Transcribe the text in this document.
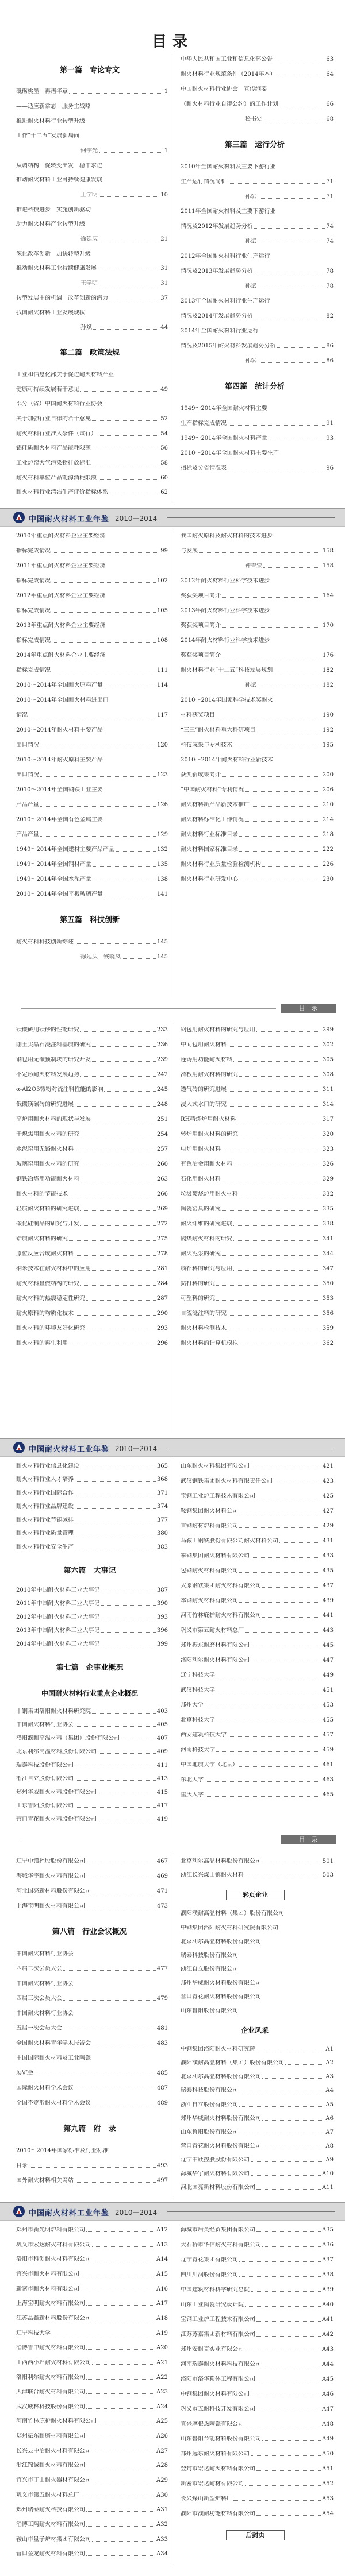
目录
中国耐火材料工业年鉴 2010－2014
中国耐火材料工业年鉴 2010－2014
中国耐火材料工业年鉴 2010－2014
目　录
目　录
第一篇　专论专文
砥砺桃墨　再谱华章	1
——适应新常态　服务主战略
推进耐火材料行业转型升级
工作“十二五”发展新局面
何学光	1
从调结构　促转变出发　稳中求进
推动耐火材料工业可持续健康发展
王学明	10
推进科技进步　实施创新驱动
助力耐火材料产业转型升级
徐延庆	21
深化改革创新　加快转型升级
推动耐火材料工业持续健康发展	31
王学明	31
转型发展中的机遇　改革创新的潜力	37
我国耐火材料工业发展现状
孙斌	44
第二篇　政策法规
工业和信息化部关于促进耐火材料产业
健康可持续发展若干意见	49
部分（省）中国耐火材料行业协会
关于加强行业自律的若干意见	52
耐火材料行业准入条件（试行）	54
铝硅质耐火材料产品能耗限额	56
工业炉窑大气污染物排放标准	58
耐火材料单位产品能源消耗限额	60
耐火材料行业清洁生产评价指标体系	62
中华人民共和国工业和信息化部公告	63
耐火材料行业规范条件（2014年本）	64
中国耐火材料行业协会　宣传纲要
（耐火材料行业自律公约）的工作计划	66
秘书处	68
第三篇　运行分析
2010年全国耐火材料及主要下游行业
生产运行情况简析	71
孙斌	71
2011年全国耐火材料及主要下游行业
情况及2012年发展趋势分析	74
孙斌	74
2012年全国耐火材料行业生产运行
情况及2013年发展趋势分析	78
孙斌	78
2013年全国耐火材料行业生产运行
情况及2014年发展趋势分析	82
2014年全国耐火材料行业运行
情况及2015年耐火材料发展趋势分析	86
孙斌	86
第四篇　统计分析
1949～2014年全国耐火材料主要
生产指标完成情况	91
1949～2014年全国耐火材料产量	93
2010～2014年全国耐火材料主要生产
指标及分省情况表	96
2010年重点耐火材料企业主要经济
指标完成情况	99
2011年重点耐火材料企业主要经济
指标完成情况	102
2012年重点耐火材料企业主要经济
指标完成情况	105
2013年重点耐火材料企业主要经济
指标完成情况	108
2014年重点耐火材料企业主要经济
指标完成情况	111
2010～2014年全国耐火原料产量	114
2010～2014年全国耐火材料进出口
情况	117
2010～2014年耐火材料主要产品
出口情况	120
2010～2014年耐火原料主要产品
出口情况	123
2010～2014年全国钢铁工业主要
产品产量	126
2010～2014年全国有色金属主要
产品产量	129
1949～2014年全国建材主要产品产量	132
1949～2014年全国钢材产量	135
1949～2014年全国水泥产量	138
2010～2014年全国平板玻璃产量	141
第五篇　科技创新
耐火材料科技创新综述	145
徐延庆　钱晓凤	145
我国耐火原料及耐火材料的技术进步
与发展	158
钟香崇	158
2012年耐火材料行业科学技术进步
奖获奖项目简介	164
2013年耐火材料行业科学技术进步
奖获奖项目简介	170
2014年耐火材料行业科学技术进步
奖获奖项目简介	176
耐火材料行业“十二五”科技发展规划	182
孙斌	182
2010～2014年国家科学技术奖耐火
材料获奖项目	190
“三三”耐火材料重大科研项目	192
科技成果与专利技术	195
2010～2014年耐火材料行业新技术
获奖新成果简介	200
“中国耐火材料”专利情况	206
耐火材料新产品新技术推广	210
耐火材料标准化工作情况	214
耐火材料行业标准目录	218
耐火材料国家标准目录	222
耐火材料行业质量检验检测机构	226
耐火材料行业研发中心	230
镁碳砖用镁砂的性能研究	233
刚玉尖晶石浇注料基质的研究	236
钢包用无碳预制块的研究开发	239
不定形耐火材料发展趋势	242
α-Al2O3微粉对浇注料性能的影响	245
低碳镁碳砖的研究进展	248
高炉用耐火材料的现状与发展	251
干熄焦用耐火材料的研究	254
水泥窑用无铬耐火材料	257
玻璃窑用耐火材料的研究	260
钢铁冶炼用功能耐火材料	263
耐火材料的节能技术	266
轻质耐火材料的研究进展	269
碳化硅制品的研究与开发	272
锆质耐火材料的研究	275
原位反应合成耐火材料	278
纳米技术在耐火材料中的应用	281
耐火材料显微结构的研究	284
耐火材料的热震稳定性研究	287
耐火原料的均质化技术	290
耐火材料的环境友好化研究	293
耐火材料的再生利用	296
钢包用耐火材料的研究与应用	299
中间包用耐火材料	302
连铸用功能耐火材料	305
滑板用耐火材料的研究	308
透气砖的研究进展	311
浸入式水口的研究	314
RH精炼炉用耐火材料	317
转炉用耐火材料的研究	320
电炉用耐火材料	323
有色冶金用耐火材料	326
石化用耐火材料	329
垃圾焚烧炉用耐火材料	332
陶瓷窑具的研究	335
耐火纤维的研究进展	338
隔热耐火材料的研究	341
耐火泥浆的研究	344
喷补料的研究与应用	347
捣打料的研究	350
可塑料的研究	353
自流浇注料的研究	356
耐火材料检测技术	359
耐火材料的计算机模拟	362
耐火材料行业信息化建设	365
耐火材料行业人才培养	368
耐火材料行业国际合作	371
耐火材料行业品牌建设	374
耐火材料行业节能减排	377
耐火材料行业质量管理	380
耐火材料行业安全生产	383
第六篇　大事记
2010年中国耐火材料工业大事记	387
2011年中国耐火材料工业大事记	390
2012年中国耐火材料工业大事记	393
2013年中国耐火材料工业大事记	396
2014年中国耐火材料工业大事记	399
第七篇　企事业概况
中国耐火材料行业重点企业概况
中钢集团洛阳耐火材料研究院	403
中国耐火材料行业协会	405
濮阳濮耐高温材料（集团）股份有限公司	407
北京利尔高温材料股份有限公司	409
瑞泰科技股份有限公司	411
浙江自立股份有限公司	413
郑州华威耐火材料股份有限公司	415
山东鲁阳股份有限公司	417
营口青花耐火材料股份有限公司	419
山东耐火材料集团有限公司	421
武汉钢铁集团耐火材料有限责任公司	423
宝钢工业炉工程技术有限公司	425
鞍钢集团耐火材料公司	427
首钢耐材炉料有限公司	429
马鞍山钢铁股份有限公司耐火材料公司	431
攀钢集团耐火材料有限公司	433
包钢耐火材料有限公司	435
太原钢铁集团耐火材料有限公司	437
本钢耐火材料有限公司	439
河南竹林庇护耐火材料有限公司	441
巩义市第五耐火材料总厂	443
郑州振东耐磨材料有限公司	445
洛阳利尔耐火材料有限公司	447
辽宁科技大学	449
武汉科技大学	451
郑州大学	453
北京科技大学	455
西安建筑科技大学	457
河南科技大学	459
中国地质大学（北京）	461
东北大学	463
重庆大学	465
辽宁中镁控股股份有限公司	467
海城华宇耐火材料有限公司	469
河北国亮新材料股份有限公司	471
上海宝明耐火材料有限公司	473
第八篇　行业会议概况
中国耐火材料行业协会
四届二次会员大会	477
中国耐火材料行业协会
四届三次会员大会	479
中国耐火材料行业协会
五届一次会员大会	481
全国耐火材料青年学术报告会	483
中国国际耐火材料及工业陶瓷
展览会	485
国际耐火材料学术会议	487
全国不定形耐火材料学术会议	489
第九篇　附　录
2010～2014年国家标准及行业标准
目录	493
国外耐火材料相关网站	497
北京利尔高温材料股份有限公司	501
浙江长兴煤山镇耐火材料	503
彩页企业
濮阳濮耐高温材料（集团）股份有限公司
中钢集团洛阳耐火材料研究院有限公司
北京利尔高温材料股份有限公司
瑞泰科技股份有限公司
浙江自立股份有限公司
郑州华威耐火材料股份有限公司
营口青花耐火材料股份有限公司
山东鲁阳股份有限公司
企业风采
中钢集团洛阳耐火材料研究院	A1
濮阳濮耐高温材料（集团）股份有限公司	A2
北京利尔高温材料股份有限公司	A3
瑞泰科技股份有限公司	A4
浙江自立股份有限公司	A5
郑州华威耐火材料股份有限公司	A6
山东鲁阳股份有限公司	A7
营口青花耐火材料股份有限公司	A8
辽宁中镁控股股份有限公司	A9
海城华宇耐火材料有限公司	A10
河北国亮新材料股份有限公司	A11
郑州市新光明炉料有限公司	A12
巩义市宏达耐火材料有限公司	A13
洛阳市科创耐火材料有限公司	A14
宜兴市耐火材料有限公司	A15
新密市耐火材料有限公司	A16
上海宝明耐火材料有限公司	A17
江苏晶鑫新材料股份有限公司	A18
辽宁科技大学	A19
淄博鲁中耐火材料有限公司	A20
山西西小坪耐火材料有限公司	A21
洛阳利尔耐火材料有限公司	A22
天津联合耐火材料有限公司	A23
武汉威林科技股份有限公司	A24
河南竹林庇护耐火材料有限公司	A25
郑州振东耐磨材料有限公司	A26
长兴县中冶耐火材料有限公司	A27
浙江锦诚耐火材料有限公司	A28
宜兴市丁山耐火器材有限公司	A29
巩义市第五耐火材料总厂	A30
郑州瑞泰耐火科技有限公司	A31
淄博工陶耐火材料有限公司	A32
鞍山市量子炉材集团有限公司	A33
营口金龙耐火材料有限公司	A34
海城市后英经贸集团有限公司	A35
大石桥市华信耐火材料有限公司	A36
辽宁青花集团有限公司	A37
四川川润股份有限公司	A38
中国建筑材料科学研究总院	A39
山东工业陶瓷研究设计院	A40
宝钢工业炉工程技术有限公司	A41
江苏苏嘉集团新材料有限公司	A42
郑州安耐克实业有限公司	A43
河南瑞泰耐火材料科技有限公司	A44
洛阳市洛华粉体工程有限公司	A45
中钢集团耐火材料有限公司	A46
巩义市五耐科技开发有限公司	A47
宜兴摩根热陶瓷有限公司	A48
山东鲁阳节能材料股份有限公司	A49
郑州远东耐火材料有限公司	A50
登封市宏达耐火材料有限公司	A51
新密市宏达耐材有限公司	A52
长兴煤山新型炉料厂	A53
濮阳市濮耐功能材料有限公司	A54
后封页
